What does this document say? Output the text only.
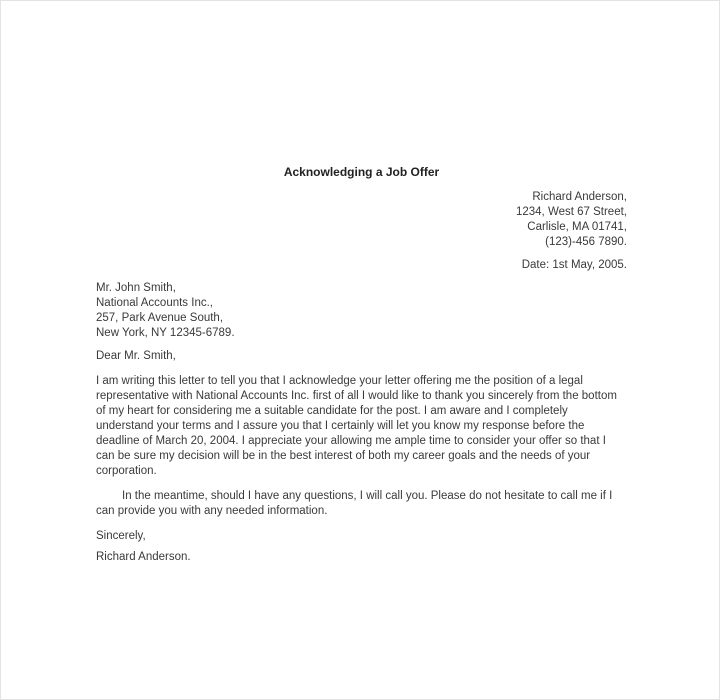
Acknowledging a Job Offer
Richard Anderson,
1234, West 67 Street,
Carlisle, MA 01741,
(123)-456 7890.
Date: 1st May, 2005.
Mr. John Smith,
National Accounts Inc.,
257, Park Avenue South,
New York, NY 12345-6789.
Dear Mr. Smith,

I am writing this letter to tell you that I acknowledge your letter offering me the position of a legal representative with National Accounts Inc. first of all I would like to thank you sincerely from the bottom of my heart for considering me a suitable candidate for the post. I am aware and I completely understand your terms and I assure you that I certainly will let you know my response before the deadline of March 20, 2004. I appreciate your allowing me ample time to consider your offer so that I can be sure my decision will be in the best interest of both my career goals and the needs of your corporation.

In the meantime, should I have any questions, I will call you. Please do not hesitate to call me if I can provide you with any needed information.

Sincerely,
Richard Anderson.
